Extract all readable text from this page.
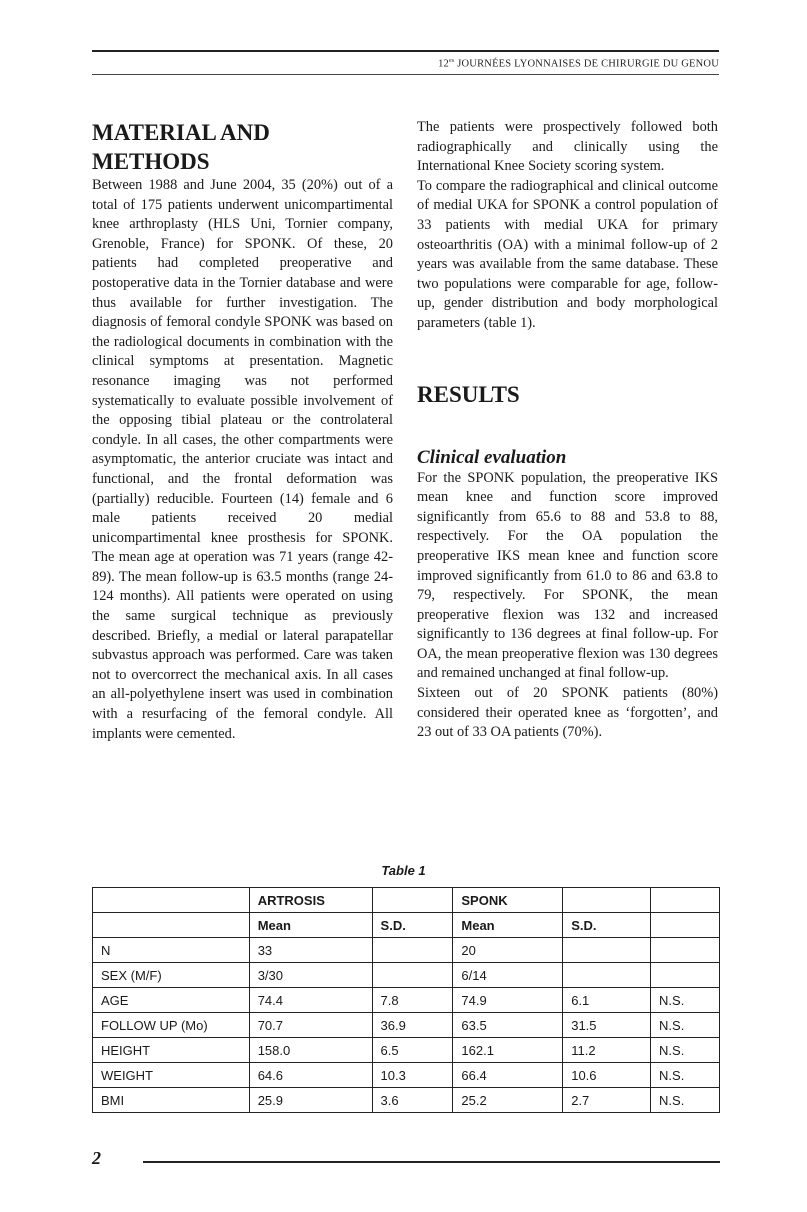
$12^{es}$ JOURNÉES LYONNAISES DE CHIRURGIE DU GENOU
MATERIAL AND METHODS

Between 1988 and June 2004, 35 (20%) out of a total of 175 patients underwent unicompartimental knee arthroplasty (HLS Uni, Tornier company, Grenoble, France) for SPONK. Of these, 20 patients had completed preoperative and postoperative data in the Tornier database and were thus available for further investigation. The diagnosis of femoral condyle SPONK was based on the radiological documents in combination with the clinical symptoms at presentation. Magnetic resonance imaging was not performed systematically to evaluate possible involvement of the opposing tibial plateau or the controlateral condyle. In all cases, the other compartments were asymptomatic, the anterior cruciate was intact and functional, and the frontal deformation was (partially) reducible. Fourteen (14) female and 6 male patients received 20 medial unicompartimental knee prosthesis for SPONK. The mean age at operation was 71 years (range 42-89). The mean follow-up is 63.5 months (range 24-124 months). All patients were operated on using the same surgical technique as previously described. Briefly, a medial or lateral parapatellar subvastus approach was performed. Care was taken not to overcorrect the mechanical axis. In all cases an all-polyethylene insert was used in combination with a resurfacing of the femoral condyle. All implants were cemented.

The patients were prospectively followed both radiographically and clinically using the International Knee Society scoring system.

To compare the radiographical and clinical outcome of medial UKA for SPONK a control population of 33 patients with medial UKA for primary osteoarthritis (OA) with a minimal follow-up of 2 years was available from the same database. These two populations were comparable for age, follow-up, gender distribution and body morphological parameters (table 1).

RESULTS
Clinical evaluation

For the SPONK population, the preoperative IKS mean knee and function score improved significantly from 65.6 to 88 and 53.8 to 88, respectively. For the OA population the preoperative IKS mean knee and function score improved significantly from 61.0 to 86 and 63.8 to 79, respectively. For SPONK, the mean preoperative flexion was 132 and increased significantly to 136 degrees at final follow-up. For OA, the mean preoperative flexion was 130 degrees and remained unchanged at final follow-up.

Sixteen out of 20 SPONK patients (80%) considered their operated knee as ‘forgotten’, and 23 out of 33 OA patients (70%).

Table 1
	ARTROSIS		SPONK		
	Mean	S.D.	Mean	S.D.	
N	33		20		
SEX (M/F)	3/30		6/14		
AGE	74.4	7.8	74.9	6.1	N.S.
FOLLOW UP (Mo)	70.7	36.9	63.5	31.5	N.S.
HEIGHT	158.0	6.5	162.1	11.2	N.S.
WEIGHT	64.6	10.3	66.4	10.6	N.S.
BMI	25.9	3.6	25.2	2.7	N.S.
2
